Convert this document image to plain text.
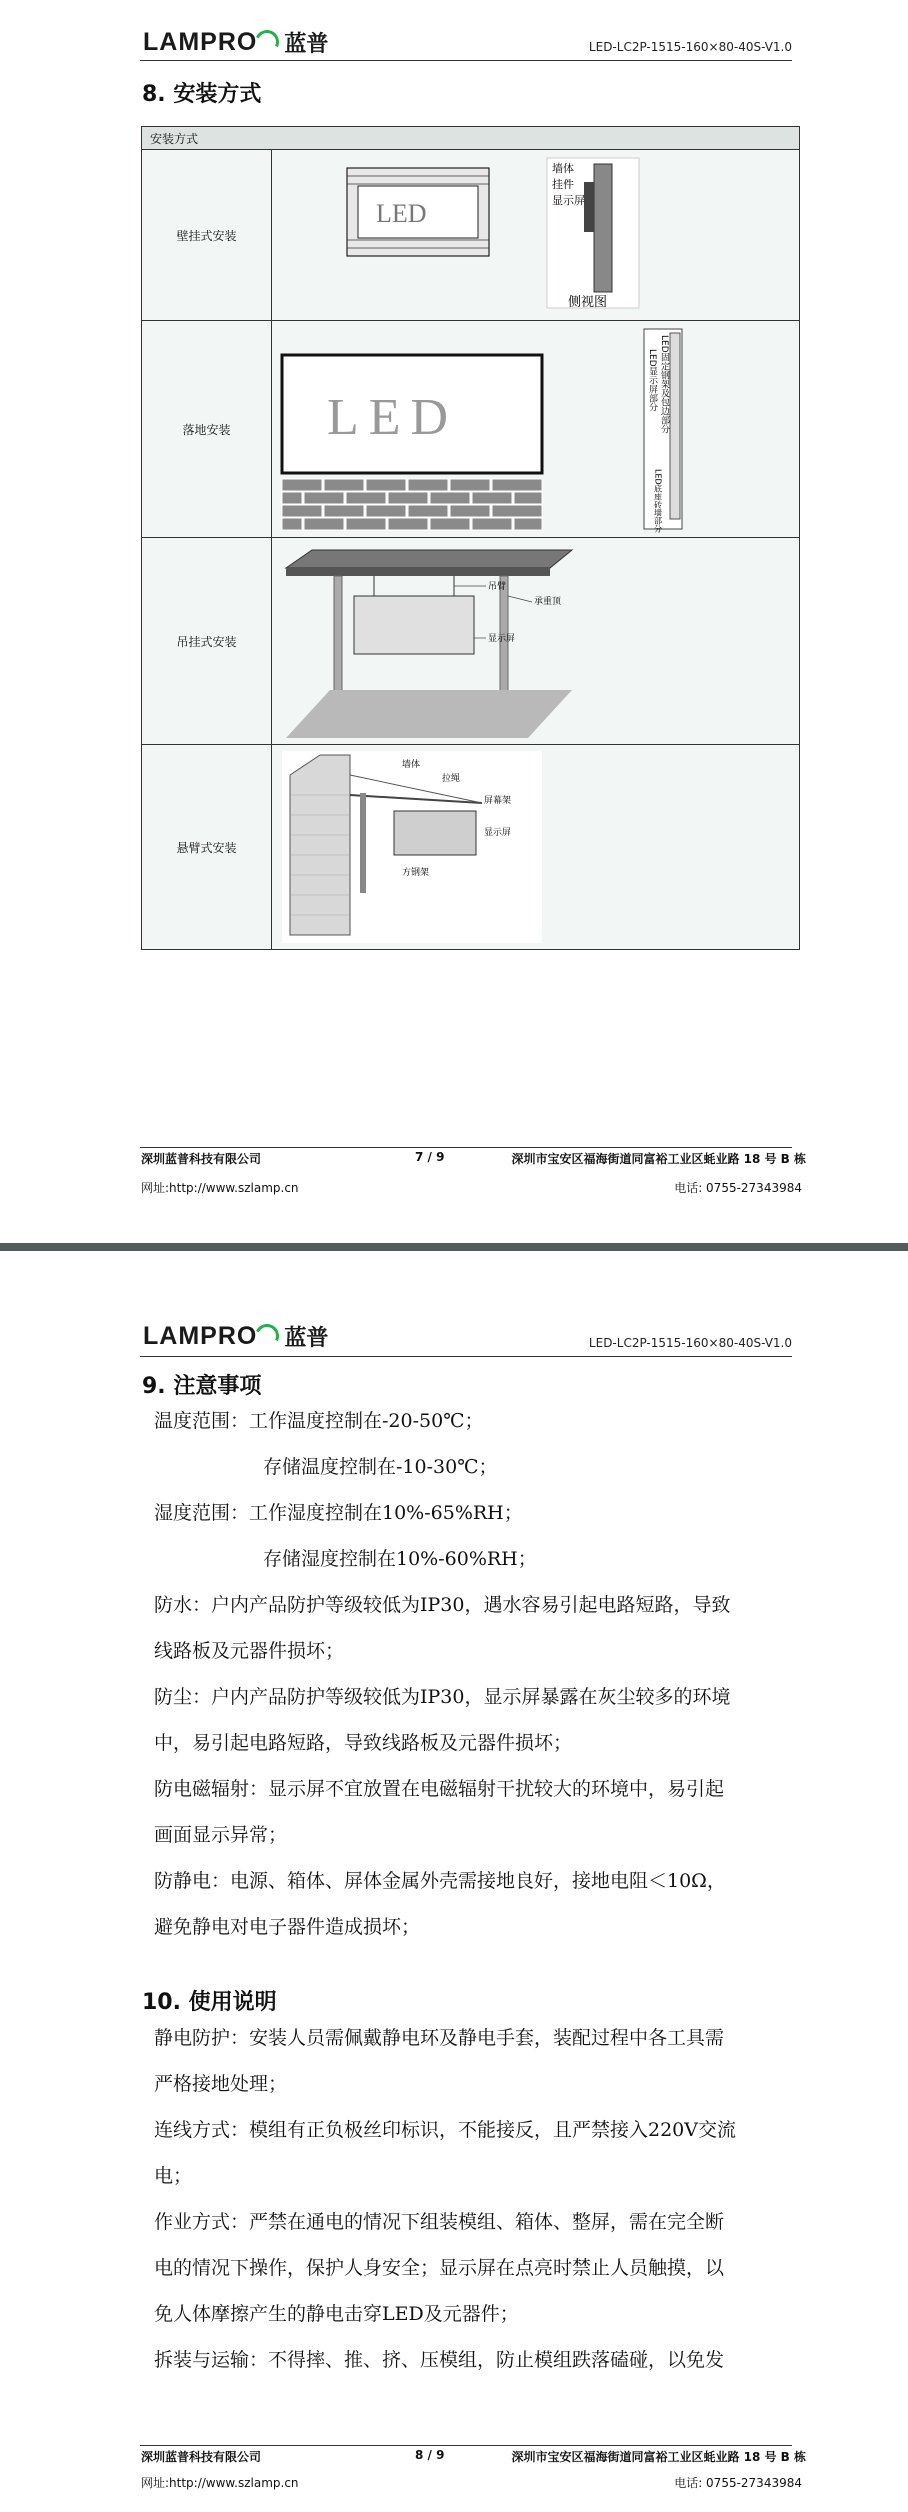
LAMPRO 蓝普	LED-LC2P-1515-160×80-40S-V1.0
8. 安装方式
安装方式	
壁挂式安装	LED
墙体
挂件
显示屏
侧视图

落地安装	LED
LED显示屏部分 LED固定钢架及包边部分
LED底座砖墙部分

吊挂式安装	吊臂
承重顶
显示屏

悬臂式安装	墙体
拉绳
屏幕架
显示屏
方钢架
深圳蓝普科技有限公司	7 / 9	深圳市宝安区福海街道同富裕工业区蚝业路 18 号 B 栋
网址:http://www.szlamp.cn	电话: 0755-27343984
LAMPRO 蓝普	LED-LC2P-1515-160×80-40S-V1.0
9. 注意事项

温度范围：工作温度控制在-20-50℃；

存储温度控制在-10-30℃；

湿度范围：工作湿度控制在10%-65%RH；

存储湿度控制在10%-60%RH；

防水：户内产品防护等级较低为IP30，遇水容易引起电路短路，导致

线路板及元器件损坏；

防尘：户内产品防护等级较低为IP30，显示屏暴露在灰尘较多的环境

中，易引起电路短路，导致线路板及元器件损坏；

防电磁辐射：显示屏不宜放置在电磁辐射干扰较大的环境中，易引起

画面显示异常；

防静电：电源、箱体、屏体金属外壳需接地良好，接地电阻＜10Ω，

避免静电对电子器件造成损坏；

10. 使用说明

静电防护：安装人员需佩戴静电环及静电手套，装配过程中各工具需

严格接地处理；

连线方式：模组有正负极丝印标识，不能接反，且严禁接入220V交流

电；

作业方式：严禁在通电的情况下组装模组、箱体、整屏，需在完全断

电的情况下操作，保护人身安全；显示屏在点亮时禁止人员触摸，以

免人体摩擦产生的静电击穿LED及元器件；

拆装与运输：不得摔、推、挤、压模组，防止模组跌落磕碰，以免发

深圳蓝普科技有限公司	8 / 9	深圳市宝安区福海街道同富裕工业区蚝业路 18 号 B 栋
网址:http://www.szlamp.cn	电话: 0755-27343984
